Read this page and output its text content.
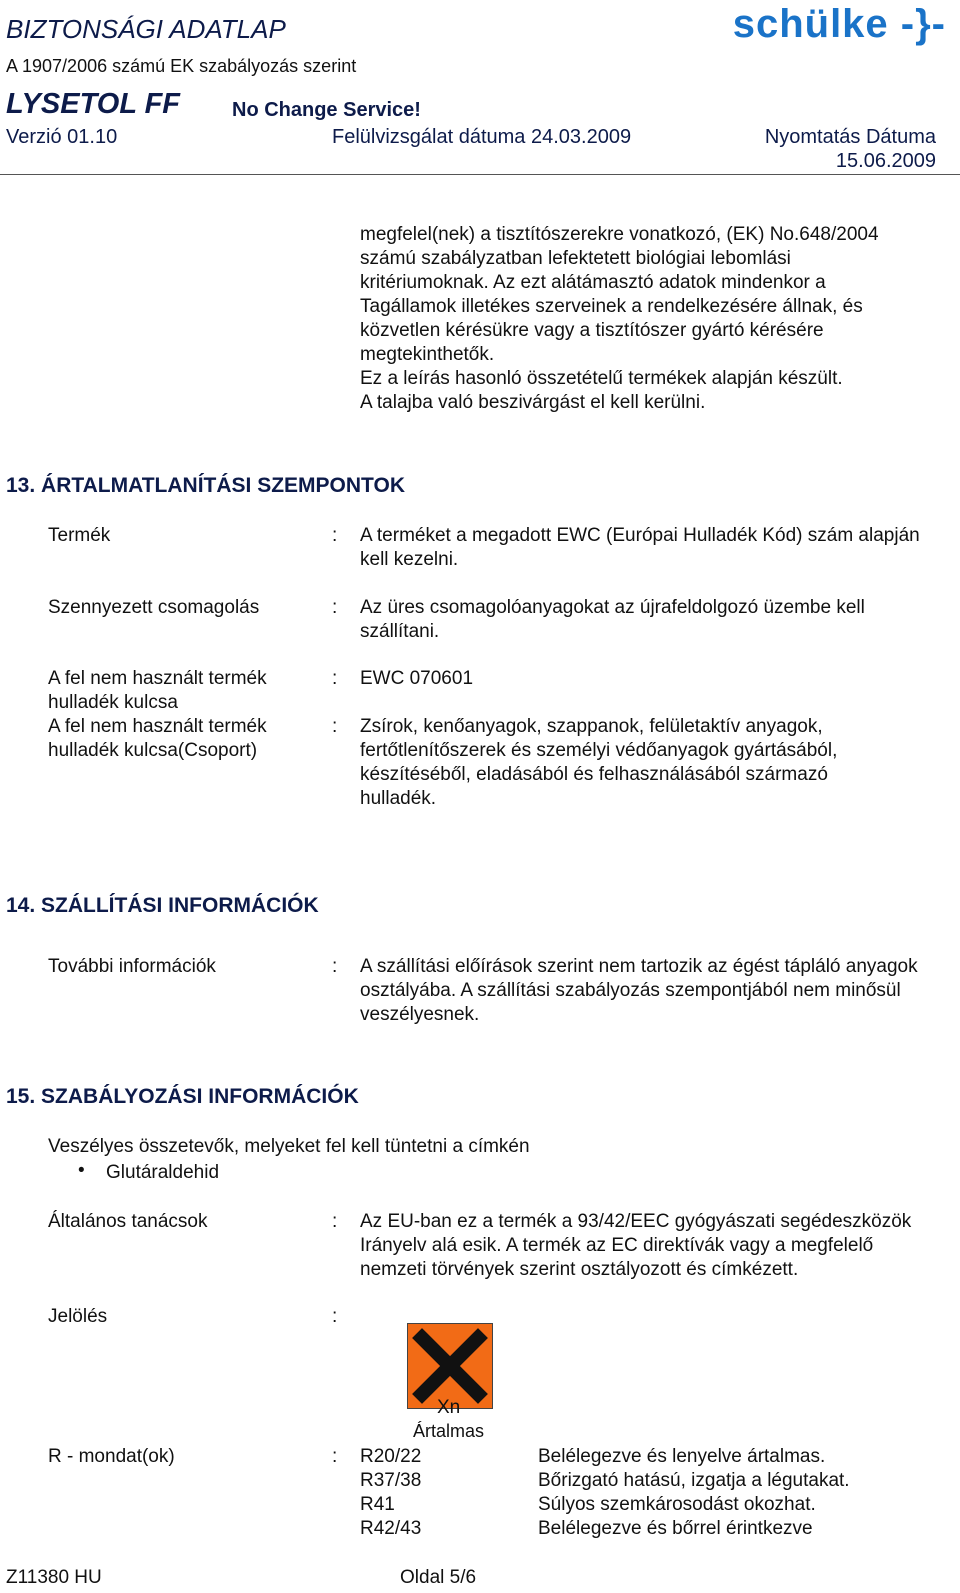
BIZTONSÁGI ADATLAP
A 1907/2006 számú EK szabályozás szerint
schülke -}-
LYSETOL FF	No Change Service!
Verzió 01.10	Felülvizsgálat dátuma 24.03.2009	Nyomtatás Dátuma
15.06.2009
megfelel(nek) a tisztítószerekre vonatkozó, (EK) No.648/2004
számú szabályzatban lefektetett biológiai lebomlási
kritériumoknak. Az ezt alátámasztó adatok mindenkor a
Tagállamok illetékes szerveinek a rendelkezésére állnak, és
közvetlen kérésükre vagy a tisztítószer gyártó kérésére
megtekinthetők.
Ez a leírás hasonló összetételű termékek alapján készült.
A talajba való beszivárgást el kell kerülni.
13. ÁRTALMATLANÍTÁSI SZEMPONTOK
Termék	: A terméket a megadott EWC (Európai Hulladék Kód) szám alapján kell kezelni.
Szennyezett csomagolás	: Az üres csomagolóanyagokat az újrafeldolgozó üzembe kell szállítani.
A fel nem használt termék hulladék kulcsa
: EWC 070601
A fel nem használt termék hulladék kulcsa(Csoport)
: Zsírok, kenőanyagok, szappanok, felületaktív anyagok, fertőtlenítőszerek és személyi védőanyagok gyártásából, készítéséből, eladásából és felhasználásából származó hulladék.
14. SZÁLLÍTÁSI INFORMÁCIÓK
További információk	: A szállítási előírások szerint nem tartozik az égést tápláló anyagok osztályába. A szállítási szabályozás szempontjából nem minősül veszélyesnek.
15. SZABÁLYOZÁSI INFORMÁCIÓK
Veszélyes összetevők, melyeket fel kell tüntetni a címkén
• Glutáraldehid
Általános tanácsok	: Az EU-ban ez a termék a 93/42/EEC gyógyászati segédeszközök Irányelv alá esik. A termék az EC direktívák vagy a megfelelő nemzeti törvények szerint osztályozott és címkézett.
Jelölés	:
Xn
Ártalmas
R - mondat(ok)	: R20/22	Belélegezve és lenyelve ártalmas.
R37/38	Bőrizgató hatású, izgatja a légutakat.
R41	Súlyos szemkárosodást okozhat.
R42/43	Belélegezve és bőrrel érintkezve
Z11380 HU	Oldal 5/6
